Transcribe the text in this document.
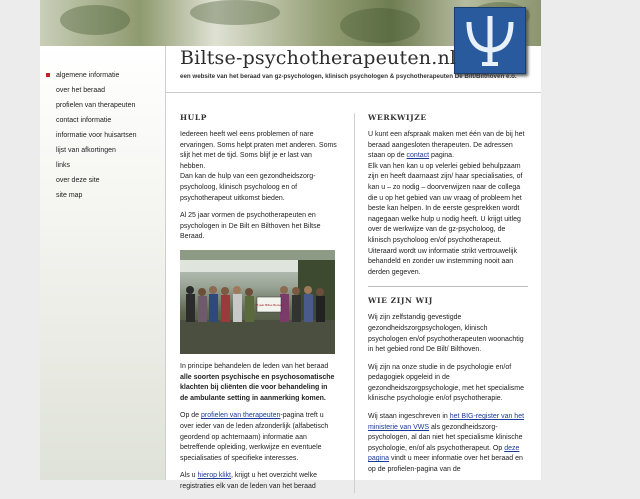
Biltse-psychotherapeuten.nl
een website van het beraad van gz-psychologen, klinisch psychologen & psychotherapeuten De Bilt/Bilthoven e.o.
algemene informatie
over het beraad
profielen van therapeuten
contact informatie
informatie voor huisartsen
lijst van afkortingen
links
over deze site
site map
HULP

Iedereen heeft wel eens problemen of nare ervaringen. Soms helpt praten met anderen. Soms slijt het met de tijd. Soms blijf je er last van hebben.
Dan kan de hulp van een gezondheidszorg-psycholoog, klinisch psycholoog en of psychotherapeut uitkomst bieden.

Al 25 jaar vormen de psychotherapeuten en psychologen in De Bilt en Bilthoven het Biltse Beraad.

25 jaar Biltse Beraad

In principe behandelen de leden van het beraad alle soorten psychische en psychosomatische klachten bij cliënten die voor behandeling in de ambulante setting in aanmerking komen.

Op de profielen van therapeuten-pagina treft u over ieder van de leden afzonderlijk (alfabetisch geordend op achternaam) informatie aan betreffende opleiding, werkwijze en eventuele specialisaties of specifieke interesses.

Als u hierop klikt, krijgt u het overzicht welke registraties elk van de leden van het beraad

WERKWIJZE

U kunt een afspraak maken met één van de bij het beraad aangesloten therapeuten. De adressen staan op de contact pagina.
Elk van hen kan u op velerlei gebied behulpzaam zijn en heeft daarnaast zijn/ haar specialisaties, of kan u – zo nodig – doorverwijzen naar de collega die u op het gebied van uw vraag of probleem het beste kan helpen. In de eerste gesprekken wordt nagegaan welke hulp u nodig heeft. U krijgt uitleg over de werkwijze van de gz-psycholoog, de klinisch psycholoog en/of psychotherapeut.
Uiteraard wordt uw informatie strikt vertrouwelijk behandeld en zonder uw instemming nooit aan derden gegeven.

WIE ZIJN WIJ

Wij zijn zelfstandig gevestigde gezondheidszorgpsychologen, klinisch psychologen en/of psychotherapeuten woonachtig in het gebied rond De Bilt/ Bilthoven.

Wij zijn na onze studie in de psychologie en/of pedagogiek opgeleid in de gezondheidszorgpsychologie, met het specialisme klinische psychologie en/of psychotherapie.

Wij staan ingeschreven in het BIG-register van het ministerie van VWS als gezondheidszorg-psychologen, al dan niet het specialisme klinische psychologie, en/of als psychotherapeut. Op deze pagina vindt u meer informatie over het beraad en op de profielen-pagina van de
